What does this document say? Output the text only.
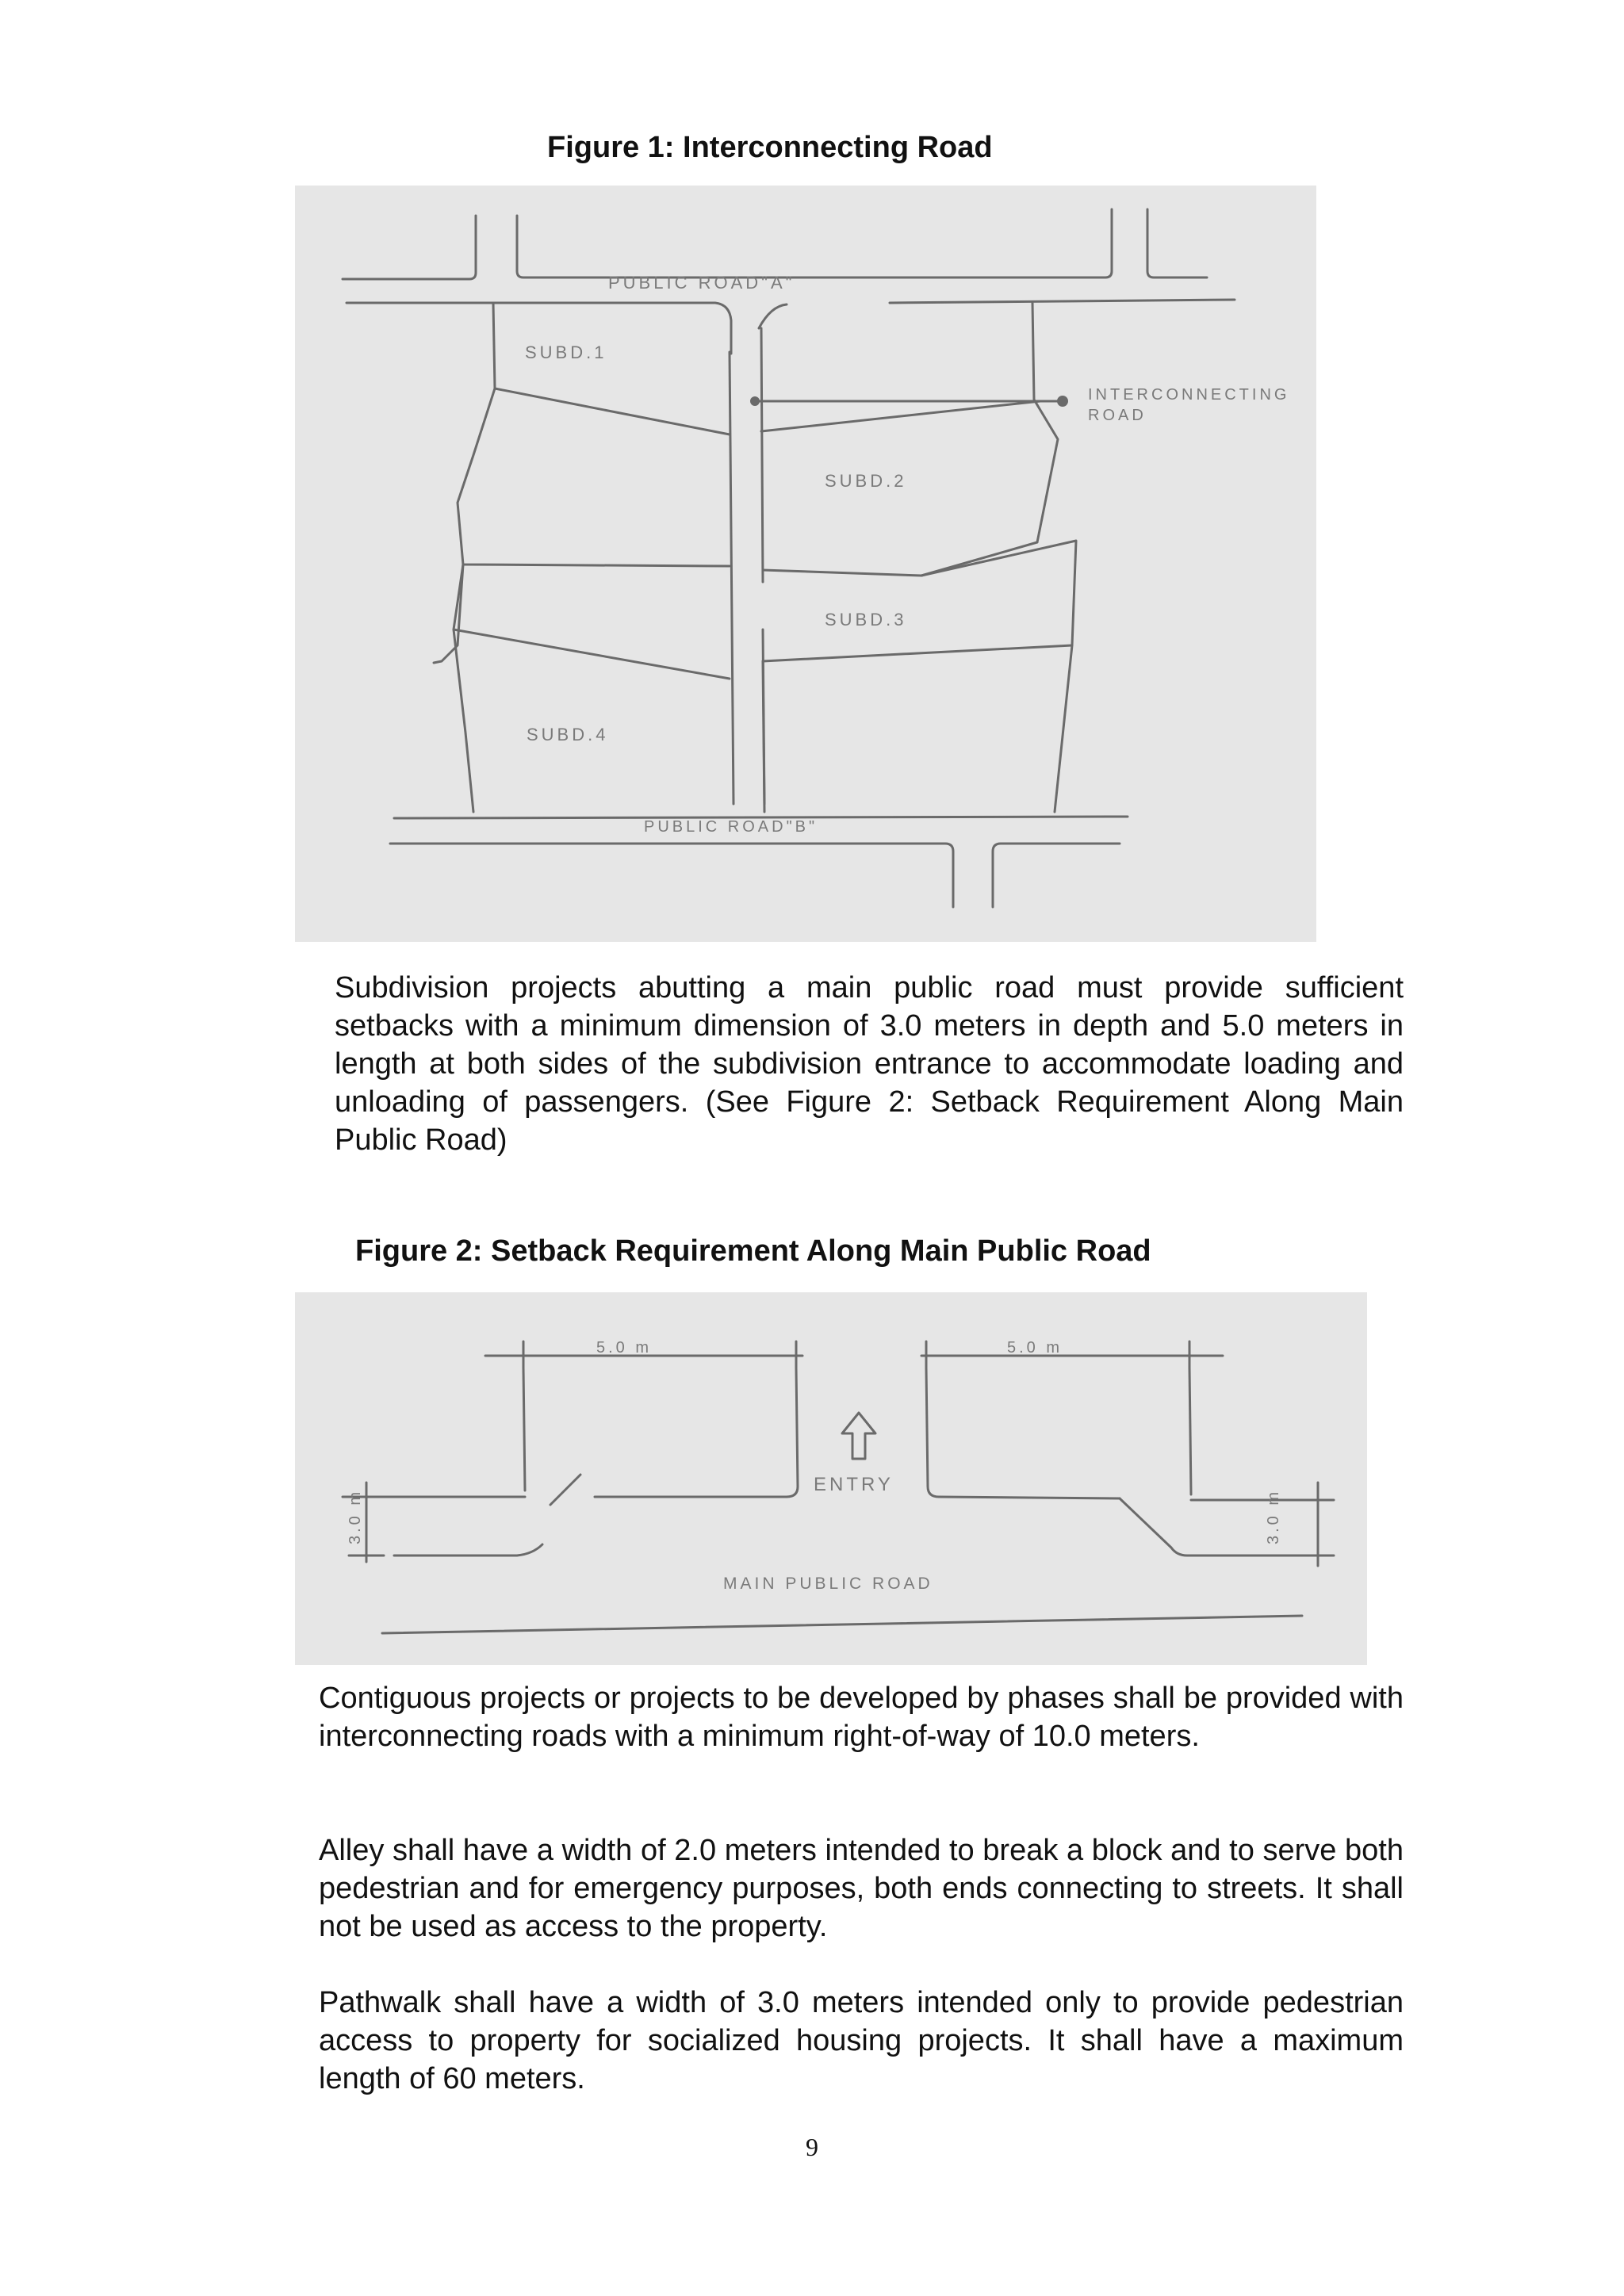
Figure 1: Interconnecting Road
PUBLIC ROAD"A"
PUBLIC ROAD"B"
SUBD.1
SUBD.2
SUBD.3
SUBD.4
INTERCONNECTING
ROAD

Subdivision projects abutting a main public road must provide sufficient setbacks with a minimum dimension of 3.0 meters in depth and 5.0 meters in length at both sides of the subdivision entrance to accommodate loading and unloading of passengers. (See Figure 2: Setback Requirement Along Main Public Road)

Figure 2: Setback Requirement Along Main Public Road
5.0 m	5.0 m
ENTRY
MAIN PUBLIC ROAD
3.0 m	3.0 m

Contiguous projects or projects to be developed by phases shall be provided with interconnecting roads with a minimum right-of-way of 10.0 meters.

Alley shall have a width of 2.0 meters intended to break a block and to serve both pedestrian and for emergency purposes, both ends connecting to streets. It shall not be used as access to the property.

Pathwalk shall have a width of 3.0 meters intended only to provide pedestrian access to property for socialized housing projects. It shall have a maximum length of 60 meters.

9
